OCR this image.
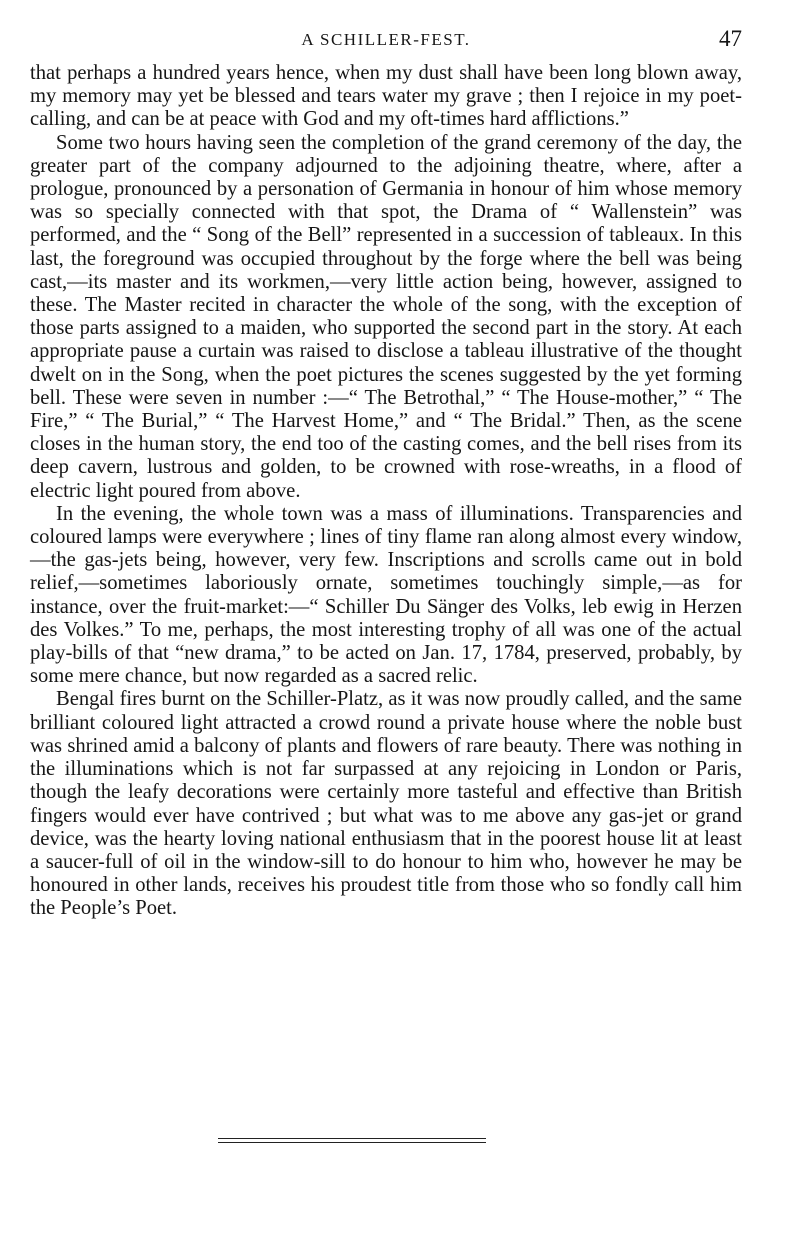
A SCHILLER-FEST.	47

that perhaps a hundred years hence, when my dust shall have been long blown away, my memory may yet be blessed and tears water my grave ; then I rejoice in my poet-calling, and can be at peace with God and my oft-times hard afflictions.”

Some two hours having seen the completion of the grand ceremony of the day, the greater part of the company adjourned to the adjoining theatre, where, after a prologue, pronounced by a personation of Germania in honour of him whose memory was so specially connected with that spot, the Drama of “ Wallenstein” was performed, and the “ Song of the Bell” represented in a succession of tableaux. In this last, the foreground was occupied throughout by the forge where the bell was being cast,—its master and its workmen,—very little action being, however, assigned to these. The Master recited in character the whole of the song, with the exception of those parts assigned to a maiden, who supported the second part in the story. At each appropriate pause a curtain was raised to disclose a tableau illustrative of the thought dwelt on in the Song, when the poet pictures the scenes suggested by the yet forming bell. These were seven in number :—“ The Betrothal,” “ The House-mother,” “ The Fire,” “ The Burial,” “ The Harvest Home,” and “ The Bridal.” Then, as the scene closes in the human story, the end too of the casting comes, and the bell rises from its deep cavern, lustrous and golden, to be crowned with rose-wreaths, in a flood of electric light poured from above.

In the evening, the whole town was a mass of illuminations. Transparencies and coloured lamps were everywhere ; lines of tiny flame ran along almost every window,—the gas-jets being, however, very few. Inscriptions and scrolls came out in bold relief,—sometimes laboriously ornate, sometimes touchingly simple,—as for instance, over the fruit-market:—“ Schiller Du Sänger des Volks, leb ewig in Herzen des Volkes.” To me, perhaps, the most interesting trophy of all was one of the actual play-bills of that “new drama,” to be acted on Jan. 17, 1784, preserved, probably, by some mere chance, but now regarded as a sacred relic.

Bengal fires burnt on the Schiller-Platz, as it was now proudly called, and the same brilliant coloured light attracted a crowd round a private house where the noble bust was shrined amid a balcony of plants and flowers of rare beauty. There was nothing in the illuminations which is not far surpassed at any rejoicing in London or Paris, though the leafy decorations were certainly more tasteful and effective than British fingers would ever have contrived ; but what was to me above any gas-jet or grand device, was the hearty loving national enthusiasm that in the poorest house lit at least a saucer-full of oil in the window-sill to do honour to him who, however he may be honoured in other lands, receives his proudest title from those who so fondly call him the People’s Poet.
